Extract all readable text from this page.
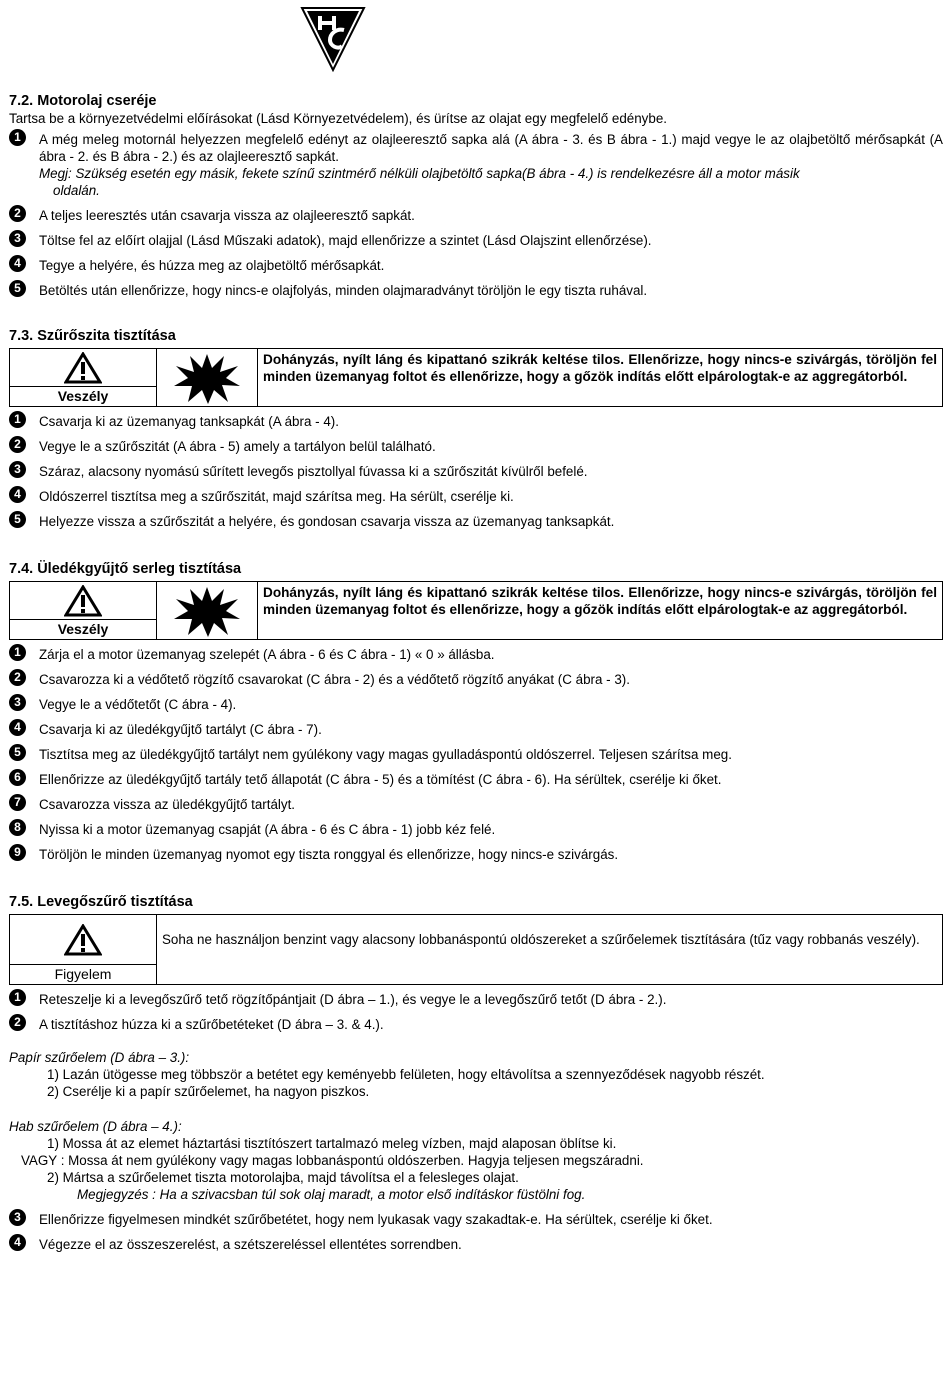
7.2. Motorolaj cseréje
Tartsa be a környezetvédelmi előírásokat (Lásd Környezetvédelem), és ürítse az olajat egy megfelelő edénybe.
1	A még meleg motornál helyezzen megfelelő edényt az olajleeresztő sapka alá (A ábra - 3. és B ábra - 1.) majd vegye le az olajbetöltő mérősapkát (A ábra - 2. és B ábra - 2.) és az olajleeresztő sapkát.
Megj: Szükség esetén egy másik, fekete színű szintmérő nélküli olajbetöltő sapka(B ábra - 4.) is rendelkezésre áll a motor másik
oldalán.
2	A teljes leeresztés után csavarja vissza az olajleeresztő sapkát.
3	Töltse fel az előírt olajjal (Lásd Műszaki adatok), majd ellenőrizze a szintet (Lásd Olajszint ellenőrzése).
4	Tegye a helyére, és húzza meg az olajbetöltő mérősapkát.
5	Betöltés után ellenőrizze, hogy nincs-e olajfolyás, minden olajmaradványt töröljön le egy tiszta ruhával.
7.3. Szűrőszita tisztítása
Veszély
Dohányzás, nyílt láng és kipattanó szikrák keltése tilos. Ellenőrizze, hogy nincs-e szivárgás, töröljön fel minden üzemanyag foltot és ellenőrizze, hogy a gőzök indítás előtt elpárologtak-e az aggregátorból.
1	Csavarja ki az üzemanyag tanksapkát (A ábra - 4).
2	Vegye le a szűrőszitát (A ábra - 5) amely a tartályon belül található.
3	Száraz, alacsony nyomású sűrített levegős pisztollyal fúvassa ki a szűrőszitát kívülről befelé.
4	Oldószerrel tisztítsa meg a szűrőszitát, majd szárítsa meg. Ha sérült, cserélje ki.
5	Helyezze vissza a szűrőszitát a helyére, és gondosan csavarja vissza az üzemanyag tanksapkát.
7.4. Üledékgyűjtő serleg tisztítása
Veszély
Dohányzás, nyílt láng és kipattanó szikrák keltése tilos. Ellenőrizze, hogy nincs-e szivárgás, töröljön fel minden üzemanyag foltot és ellenőrizze, hogy a gőzök indítás előtt elpárologtak-e az aggregátorból.
1	Zárja el a motor üzemanyag szelepét (A ábra - 6 és C ábra - 1) « 0 » állásba.
2	Csavarozza ki a védőtető rögzítő csavarokat (C ábra - 2) és a védőtető rögzítő anyákat (C ábra - 3).
3	Vegye le a védőtetőt (C ábra - 4).
4	Csavarja ki az üledékgyűjtő tartályt (C ábra - 7).
5	Tisztítsa meg az üledékgyűjtő tartályt nem gyúlékony vagy magas gyulladáspontú oldószerrel. Teljesen szárítsa meg.
6	Ellenőrizze az üledékgyűjtő tartály tető állapotát (C ábra - 5) és a tömítést (C ábra - 6). Ha sérültek, cserélje ki őket.
7	Csavarozza vissza az üledékgyűjtő tartályt.
8	Nyissa ki a motor üzemanyag csapját (A ábra - 6 és C ábra - 1) jobb kéz felé.
9	Töröljön le minden üzemanyag nyomot egy tiszta ronggyal és ellenőrizze, hogy nincs-e szivárgás.
7.5. Levegőszűrő tisztítása
Figyelem
Soha ne használjon benzint vagy alacsony lobbanáspontú oldószereket a szűrőelemek tisztítására (tűz vagy robbanás veszély).
1	Reteszelje ki a levegőszűrő tető rögzítőpántjait (D ábra – 1.), és vegye le a levegőszűrő tetőt (D ábra - 2.).
2	A tisztításhoz húzza ki a szűrőbetéteket (D ábra – 3. & 4.).
Papír szűrőelem (D ábra – 3.):
1) Lazán ütögesse meg többször a betétet egy keményebb felületen, hogy eltávolítsa a szennyeződések nagyobb részét.
2) Cserélje ki a papír szűrőelemet, ha nagyon piszkos.
Hab szűrőelem (D ábra – 4.):
1) Mossa át az elemet háztartási tisztítószert tartalmazó meleg vízben, majd alaposan öblítse ki.
VAGY : Mossa át nem gyúlékony vagy magas lobbanáspontú oldószerben. Hagyja teljesen megszáradni.
2) Mártsa a szűrőelemet tiszta motorolajba, majd távolítsa el a felesleges olajat.
Megjegyzés : Ha a szivacsban túl sok olaj maradt, a motor első indításkor füstölni fog.
3	Ellenőrizze figyelmesen mindkét szűrőbetétet, hogy nem lyukasak vagy szakadtak-e. Ha sérültek, cserélje ki őket.
4	Végezze el az összeszerelést, a szétszereléssel ellentétes sorrendben.
